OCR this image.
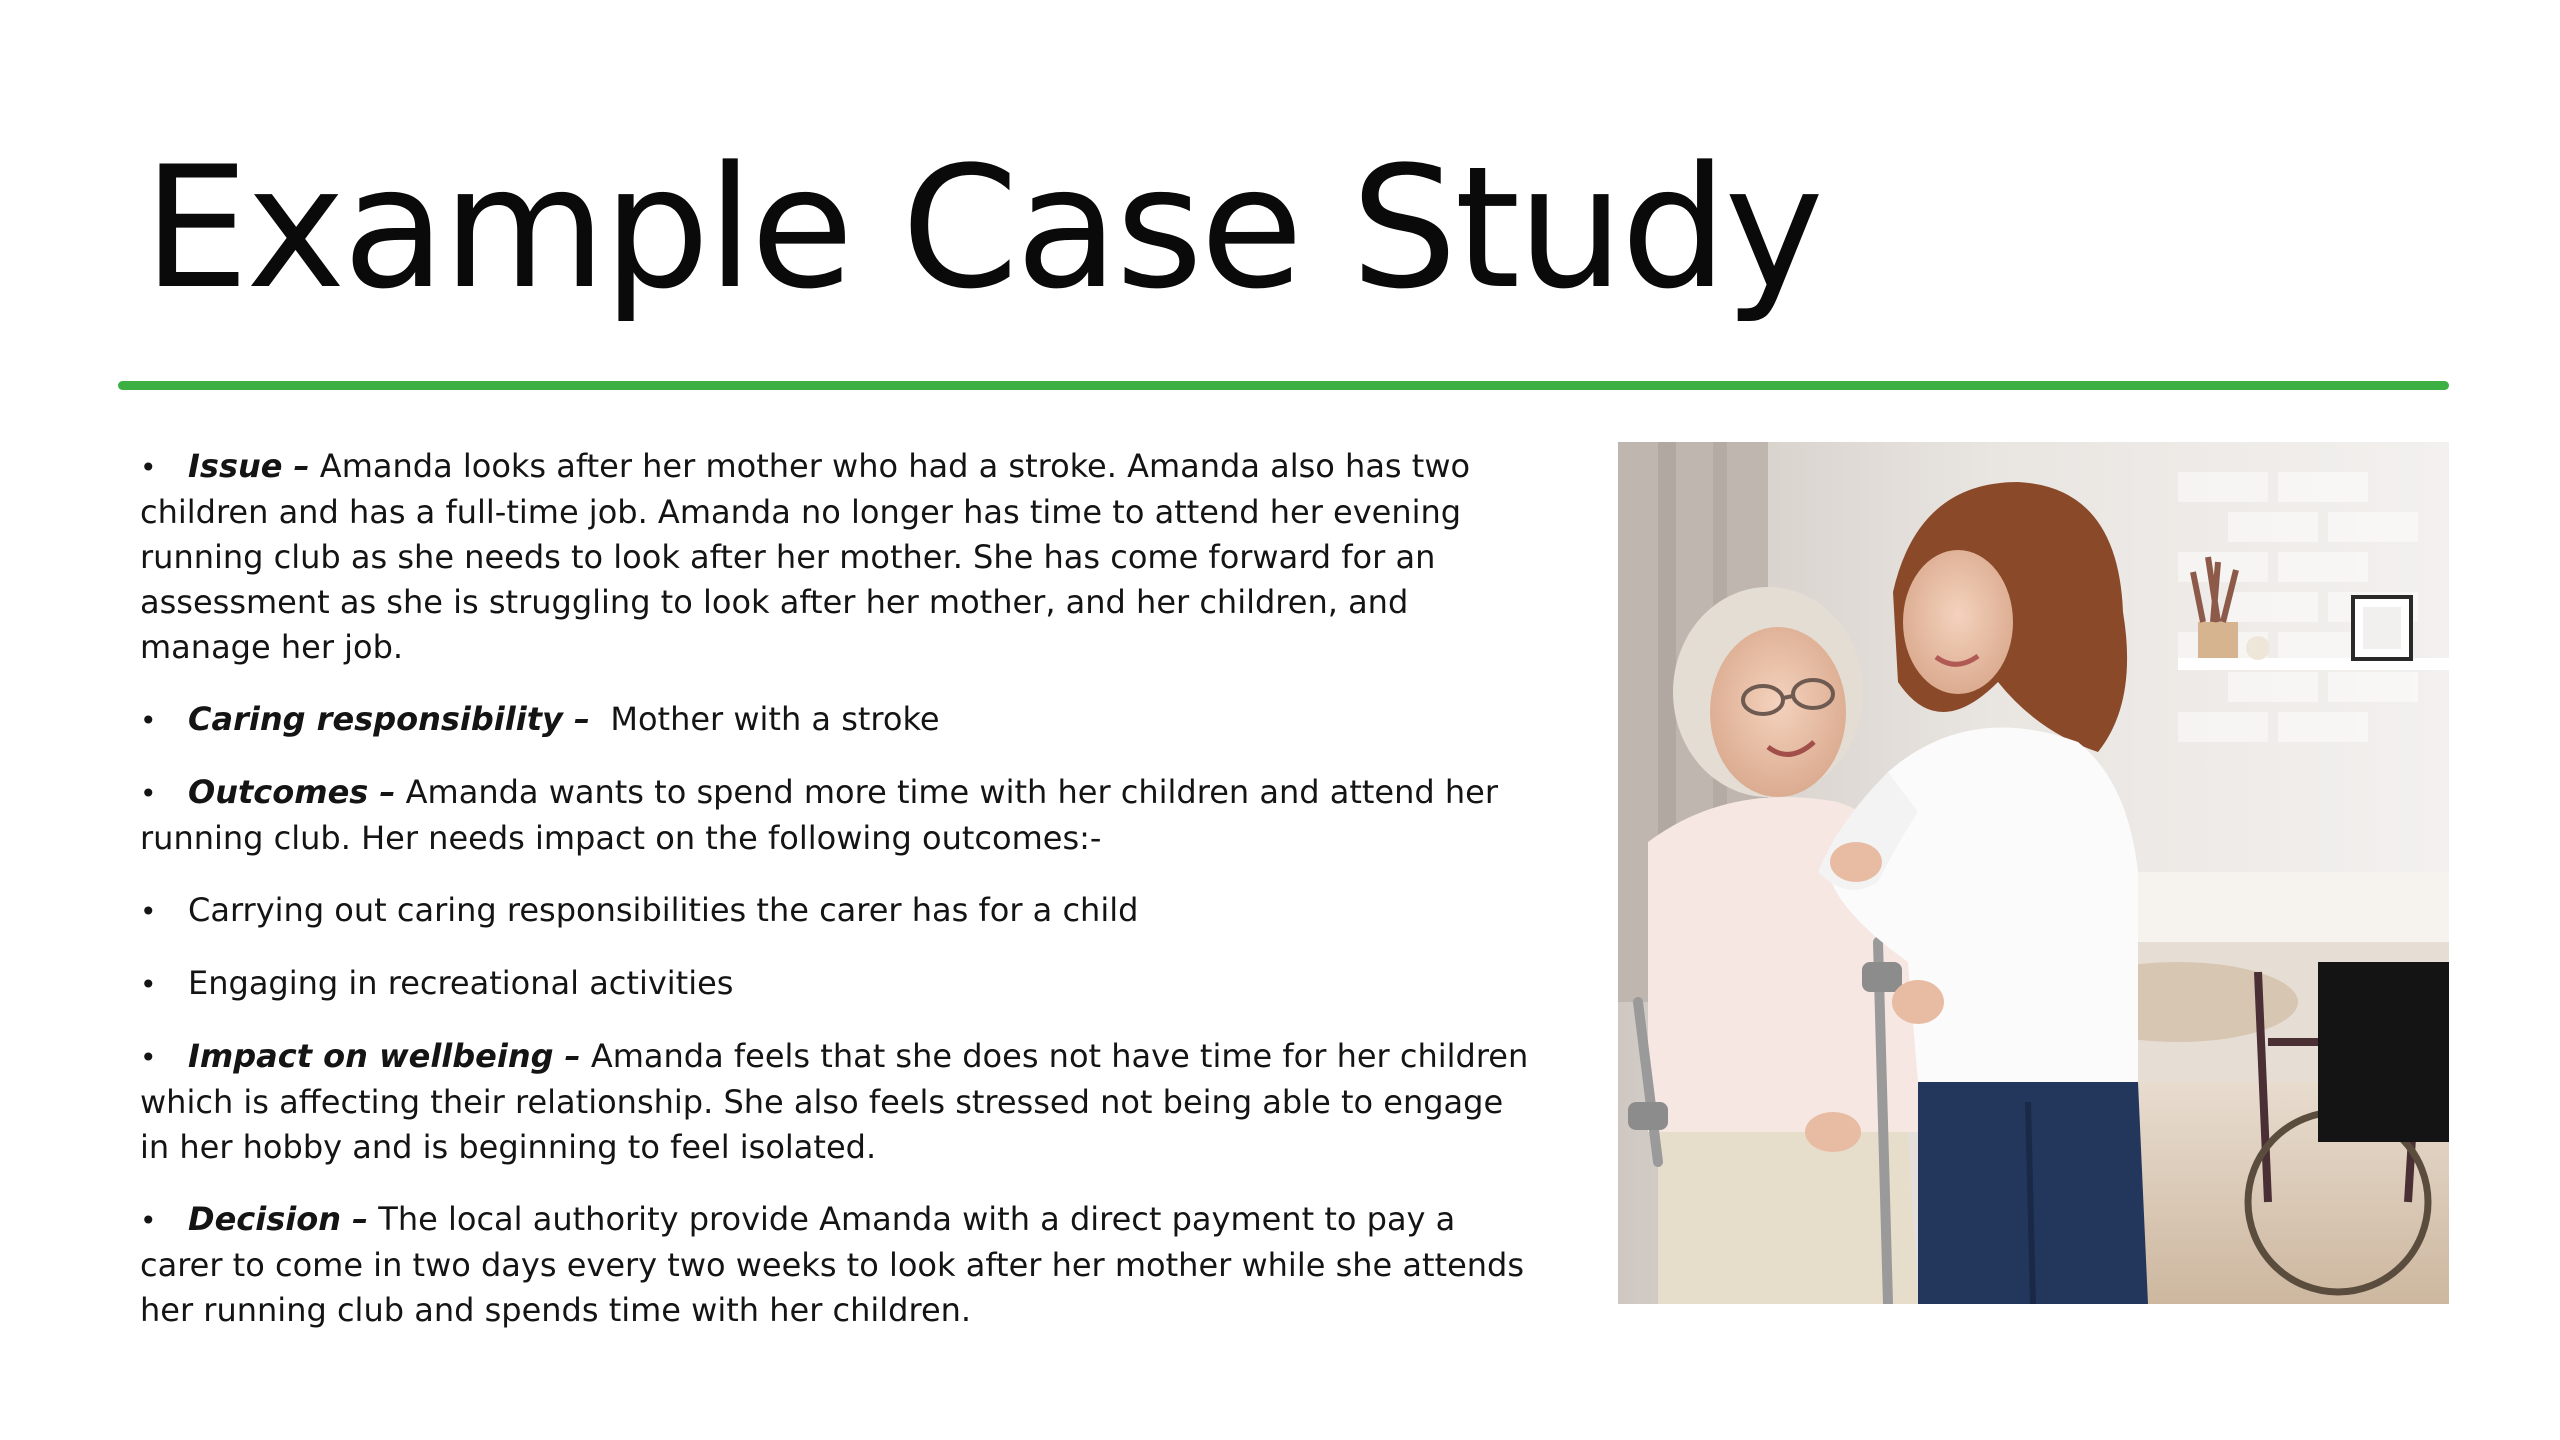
Example Case Study

• Issue – Amanda looks after her mother who had a stroke. Amanda also has two children and has a full-time job. Amanda no longer has time to attend her evening running club as she needs to look after her mother. She has come forward for an assessment as she is struggling to look after her mother, and her children, and manage her job.

• Caring responsibility –  Mother with a stroke

• Outcomes – Amanda wants to spend more time with her children and attend her running club. Her needs impact on the following outcomes:-

• Carrying out caring responsibilities the carer has for a child

• Engaging in recreational activities

• Impact on wellbeing – Amanda feels that she does not have time for her children which is affecting their relationship. She also feels stressed not being able to engage in her hobby and is beginning to feel isolated.

• Decision – The local authority provide Amanda with a direct payment to pay a carer to come in two days every two weeks to look after her mother while she attends her running club and spends time with her children.
